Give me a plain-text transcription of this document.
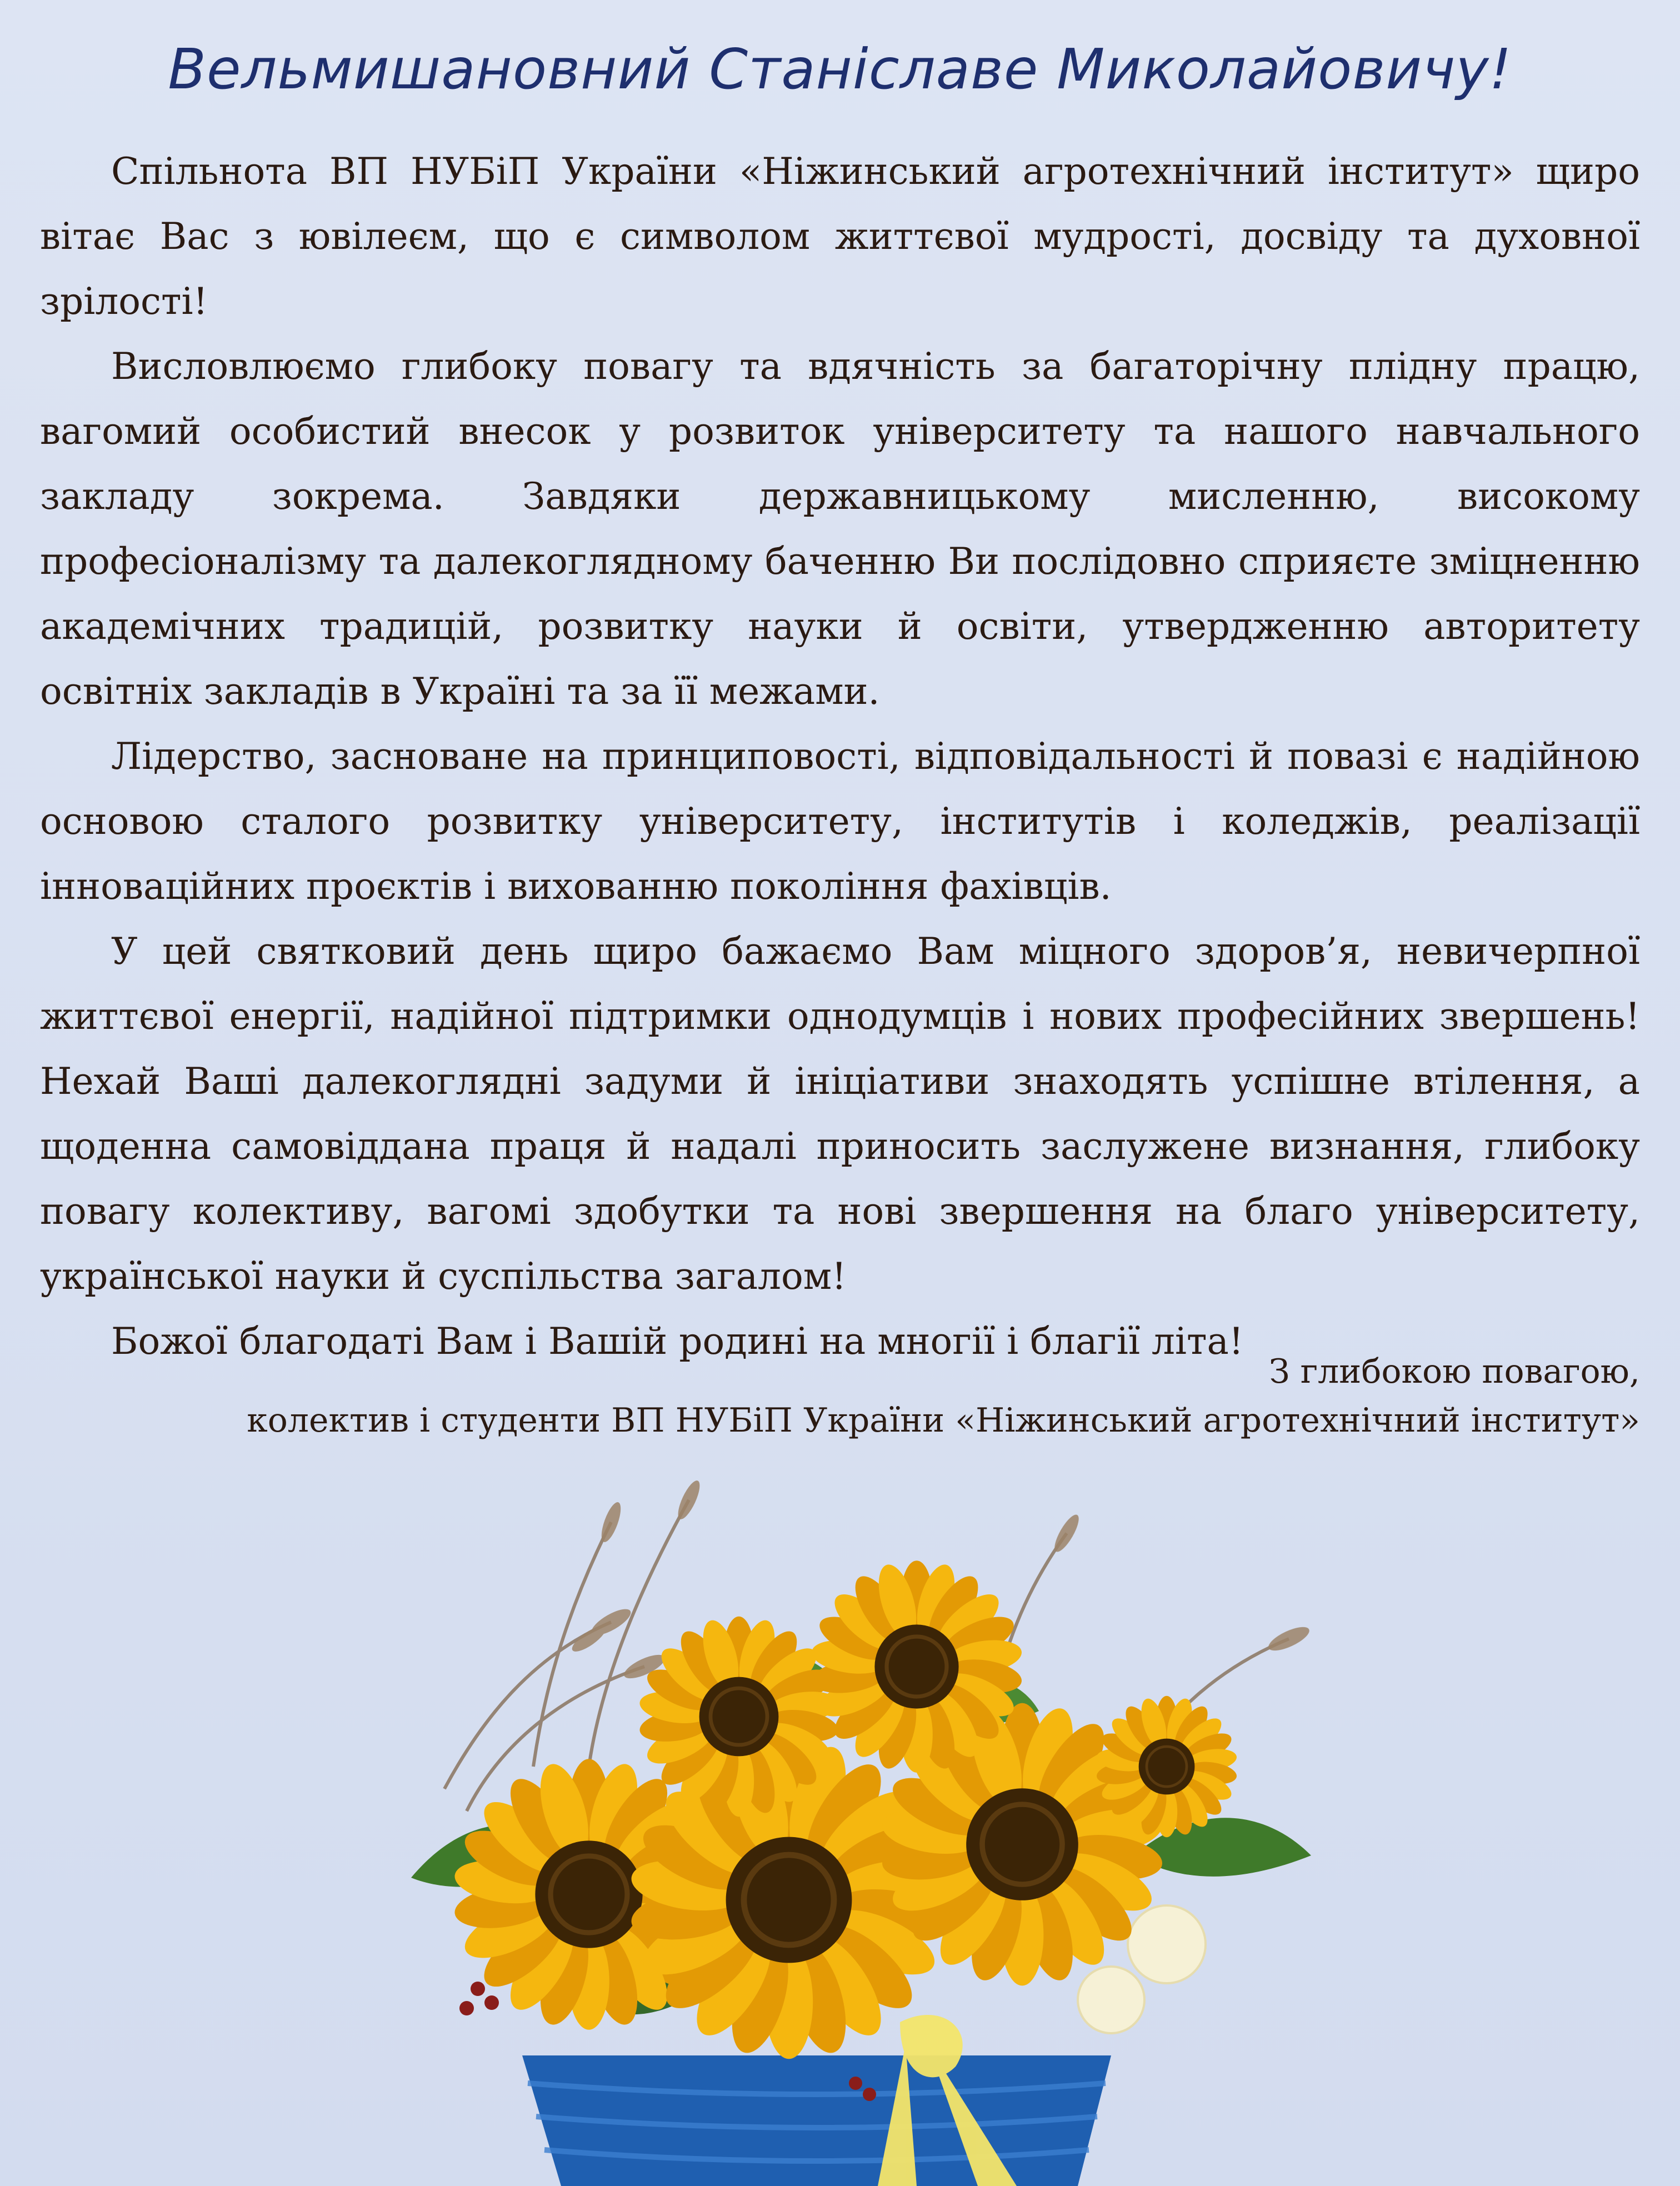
Вельмишановний Станіславе Миколайовичу!

Спільнота ВП НУБіП України «Ніжинський агротехнічний інститут» щиро вітає Вас з ювілеєм, що є символом життєвої мудрості, досвіду та духовної зрілості!

Висловлюємо глибоку повагу та вдячність за багаторічну плідну працю, вагомий особистий внесок у розвиток університету та нашого навчального закладу зокрема. Завдяки державницькому мисленню, високому професіоналізму та далекоглядному баченню Ви послідовно сприяєте зміцненню академічних традицій, розвитку науки й освіти, утвердженню авторитету освітніх закладів в Україні та за її межами.

Лідерство, засноване на принциповості, відповідальності й повазі є надійною основою сталого розвитку університету, інститутів і коледжів, реалізації інноваційних проєктів і вихованню покоління фахівців.

У цей святковий день щиро бажаємо Вам міцного здоров’я, невичерпної життєвої енергії, надійної підтримки однодумців і нових професійних звершень! Нехай Ваші далекоглядні задуми й ініціативи знаходять успішне втілення, а щоденна самовіддана праця й надалі приносить заслужене визнання, глибоку повагу колективу, вагомі здобутки та нові звершення на благо університету, української науки й суспільства загалом!

Божої благодаті Вам і Вашій родині на многії і благії літа!

З глибокою повагою,
колектив і студенти ВП НУБіП України «Ніжинський агротехнічний інститут»
